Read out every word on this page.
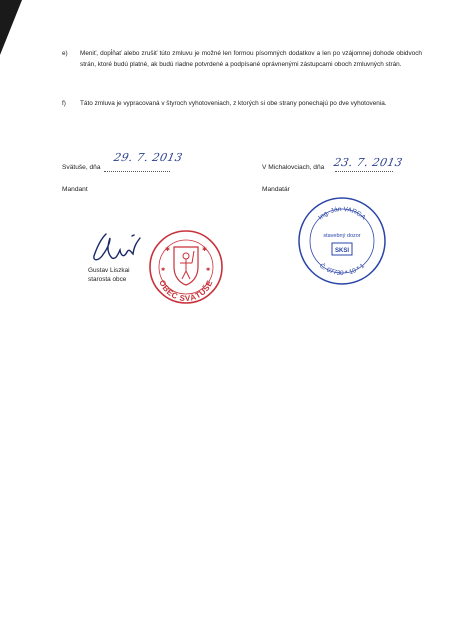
e) Meniť, dopĺňať alebo zrušiť túto zmluvu je možné len formou písomných dodatkov a len po vzájomnej dohode obidvoch strán, ktoré budú platné, ak budú riadne potvrdené a podpísané oprávnenými zástupcami oboch zmluvných strán.
f) Táto zmluva je vypracovaná v štyroch vyhotoveniach, z ktorých si obe strany ponechajú po dve vyhotovenia.
Svätuše, dňa
29. 7. 2013
Mandant
V Michalovciach, dňa 23. 7. 2013
Mandatár
Gustav Liszkai
starosta obce
✱	✱
✱	✱
OBEC SVÄTUŠE
Ing. Ján VARGA
stavebný dozor
SKSI
Č. 07730 * 10 * 1
